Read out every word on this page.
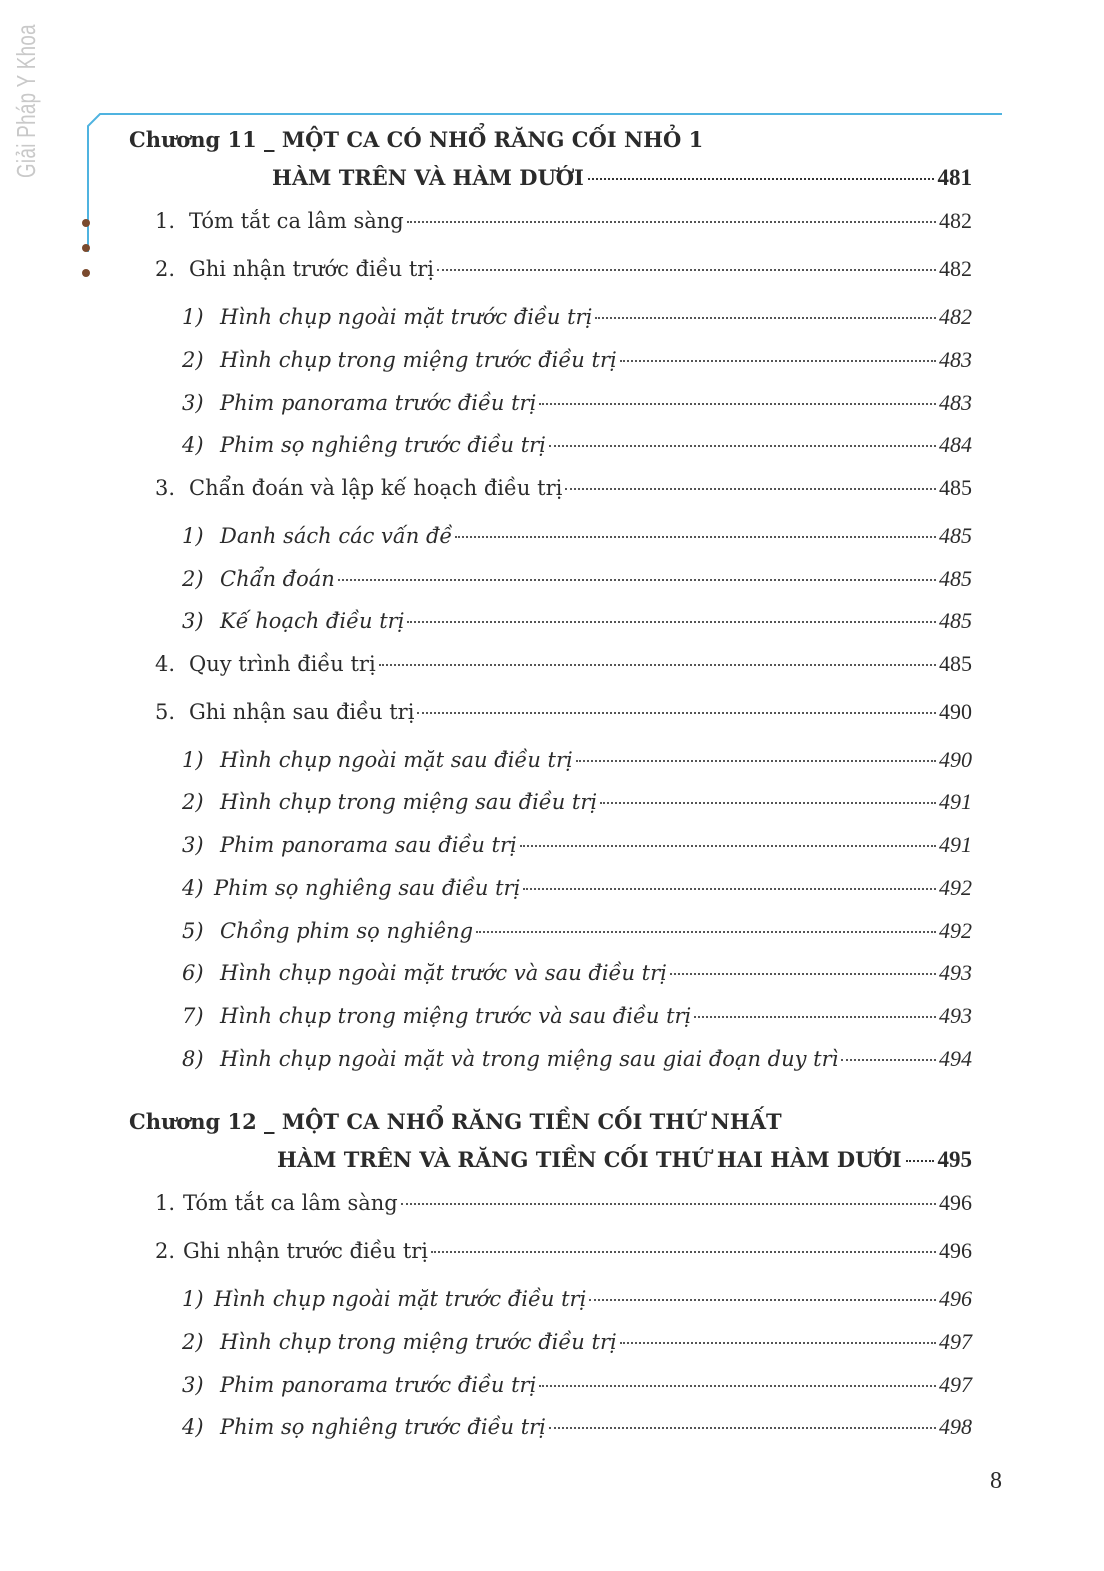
Giải Pháp Y Khoa	Chương 11 _ MỘT CA CÓ NHỔ RĂNG CỐI NHỎ 1
HÀM TRÊN VÀ HÀM DƯỚI	481
1. Tóm tắt ca lâm sàng	482
2. Ghi nhận trước điều trị	482
1) Hình chụp ngoài mặt trước điều trị	482
2) Hình chụp trong miệng trước điều trị	483
3) Phim panorama trước điều trị	483
4) Phim sọ nghiêng trước điều trị	484
3. Chẩn đoán và lập kế hoạch điều trị	485
1) Danh sách các vấn đề	485
2) Chẩn đoán	485
3) Kế hoạch điều trị	485
4. Quy trình điều trị	485
5. Ghi nhận sau điều trị	490
1) Hình chụp ngoài mặt sau điều trị	490
2) Hình chụp trong miệng sau điều trị	491
3) Phim panorama sau điều trị	491
4) Phim sọ nghiêng sau điều trị	492
5) Chồng phim sọ nghiêng	492
6) Hình chụp ngoài mặt trước và sau điều trị	493
7) Hình chụp trong miệng trước và sau điều trị	493
8) Hình chụp ngoài mặt và trong miệng sau giai đoạn duy trì	494
Chương 12 _ MỘT CA NHỔ RĂNG TIỀN CỐI THỨ NHẤT
HÀM TRÊN VÀ RĂNG TIỀN CỐI THỨ HAI HÀM DƯỚI 495
1. Tóm tắt ca lâm sàng	496
2. Ghi nhận trước điều trị	496
1) Hình chụp ngoài mặt trước điều trị	496
2) Hình chụp trong miệng trước điều trị	497
3) Phim panorama trước điều trị	497
4) Phim sọ nghiêng trước điều trị	498
8
